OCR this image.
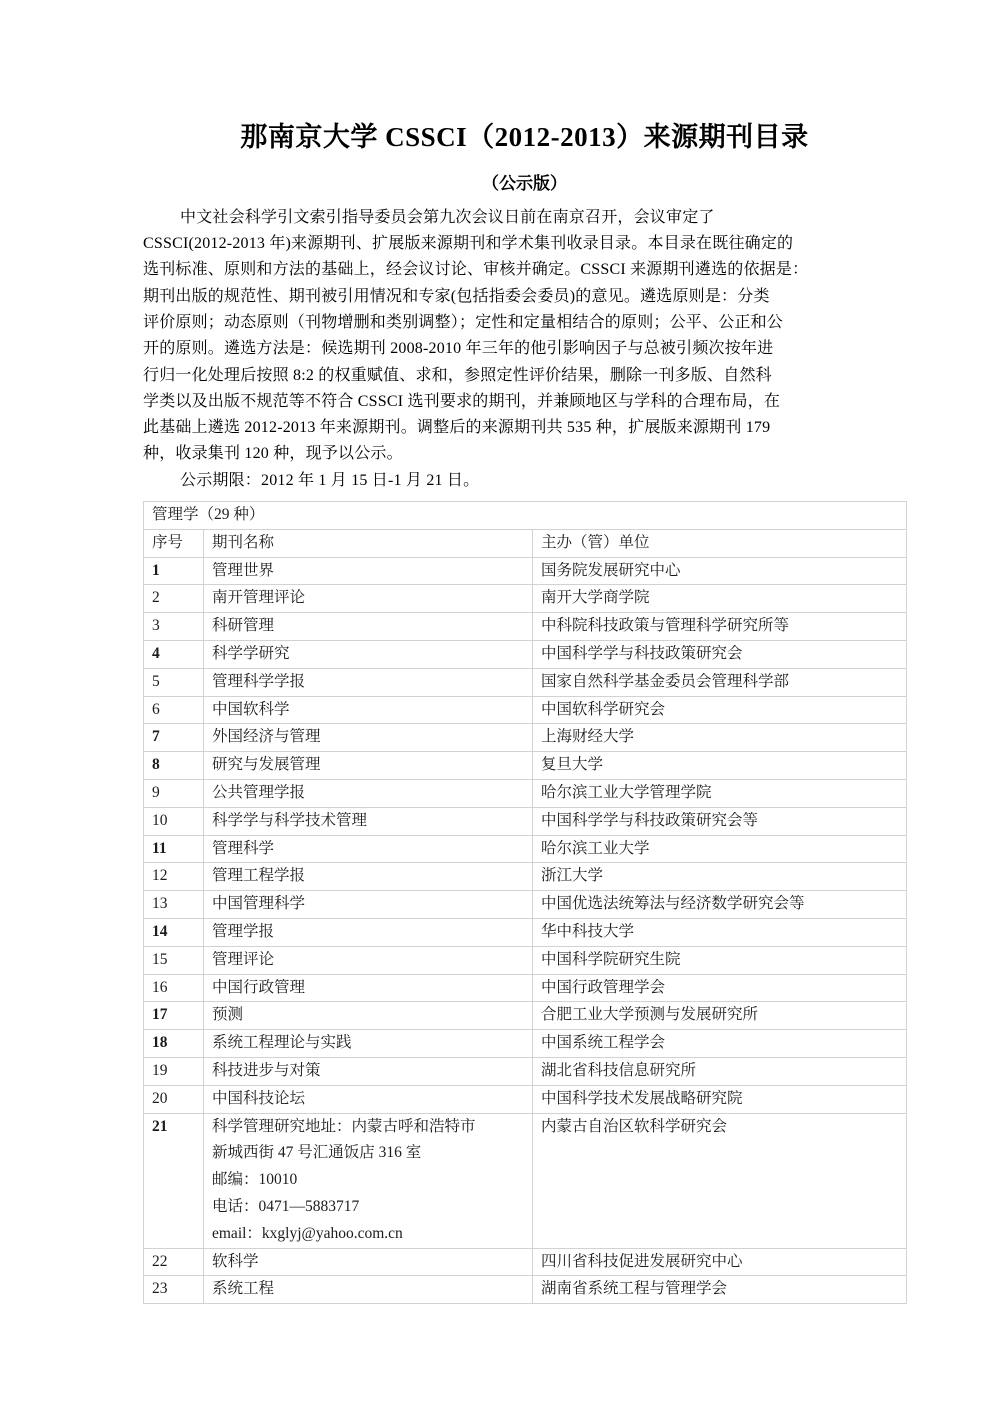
那南京大学 CSSCI（2012-2013）来源期刊目录
（公示版）
中文社会科学引文索引指导委员会第九次会议日前在南京召开，会议审定了
CSSCI(2012-2013 年)来源期刊、扩展版来源期刊和学术集刊收录目录。本目录在既往确定的
选刊标准、原则和方法的基础上，经会议讨论、审核并确定。CSSCI 来源期刊遴选的依据是：
期刊出版的规范性、期刊被引用情况和专家(包括指委会委员)的意见。遴选原则是：分类
评价原则；动态原则（刊物增删和类别调整）；定性和定量相结合的原则；公平、公正和公
开的原则。遴选方法是：候选期刊 2008-2010 年三年的他引影响因子与总被引频次按年进
行归一化处理后按照 8:2 的权重赋值、求和，参照定性评价结果，删除一刊多版、自然科
学类以及出版不规范等不符合 CSSCI 选刊要求的期刊，并兼顾地区与学科的合理布局，在
此基础上遴选 2012-2013 年来源期刊。调整后的来源期刊共 535 种，扩展版来源期刊 179
种，收录集刊 120 种，现予以公示。
公示期限：2012 年 1 月 15 日-1 月 21 日。
管理学（29 种）		
序号	期刊名称	主办（管）单位
1	管理世界	国务院发展研究中心
2	南开管理评论	南开大学商学院
3	科研管理	中科院科技政策与管理科学研究所等
4	科学学研究	中国科学学与科技政策研究会
5	管理科学学报	国家自然科学基金委员会管理科学部
6	中国软科学	中国软科学研究会
7	外国经济与管理	上海财经大学
8	研究与发展管理	复旦大学
9	公共管理学报	哈尔滨工业大学管理学院
10	科学学与科学技术管理	中国科学学与科技政策研究会等
11	管理科学	哈尔滨工业大学
12	管理工程学报	浙江大学
13	中国管理科学	中国优选法统筹法与经济数学研究会等
14	管理学报	华中科技大学
15	管理评论	中国科学院研究生院
16	中国行政管理	中国行政管理学会
17	预测	合肥工业大学预测与发展研究所
18	系统工程理论与实践	中国系统工程学会
19	科技进步与对策	湖北省科技信息研究所
20	中国科技论坛	中国科学技术发展战略研究院
21	科学管理研究地址：内蒙古呼和浩特市
新城西街 47 号汇通饭店 316 室
邮编：10010
电话：0471—5883717
email：kxglyj@yahoo.com.cn	内蒙古自治区软科学研究会
22	软科学	四川省科技促进发展研究中心
23	系统工程	湖南省系统工程与管理学会
